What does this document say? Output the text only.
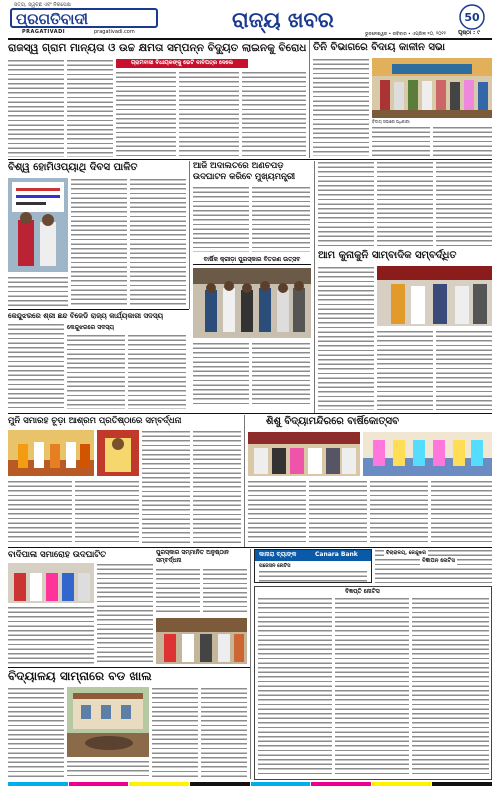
ସତ୍ୟ, ସ୍ୱଚ୍ଛ ଏବଂ ନିରପେକ୍ଷ
ପ୍ରଗତିବାଦୀ
PRAGATIVADI	pragativadi.com	ରାଜ୍ୟ ଖବର	50
ଭୁବନେଶ୍ୱର • ରବିବାର • ଏପ୍ରିଲ ୧୦, ୨୦୨୨ ପୃଷ୍ଠା : ୯
ରାଜସ୍ୱ ଗ୍ରାମ ମାନ୍ୟତା ଓ ଉଚ୍ଚ କ୍ଷମତା ସମ୍ପନ୍ନ ବିଦ୍ୟୁତ ଲାଇନକୁ ବିରୋଧ
ଗ୍ରାମବାସୀ ବିଧାୟକଙ୍କୁ ଭେଟି ଦାବିପତ୍ର ଦେଲେ
ତିନି ବିଭାଗରେ ବିଦାୟ କାଳୀନ ସଭା
ବିଦାୟ ସଭାରେ ଅଧିକାରୀ
ବିଶ୍ୱ ହୋମିଓପ୍ୟାଥି ଦିବସ ପାଳିତ	ଆଜି ଅଦାଲତରେ ଅଣଚପଡ଼ ଉଦଘାଟନ କରିବେ ମୁଖ୍ୟମନ୍ତ୍ରୀ
ବାର୍ଷିକ କ୍ରୀଡ଼ା ପୁରସ୍କାର ବିତରଣ ଉତ୍ସବ	ଆମ କୁନାକୁନି ସାମ୍ବାଦିକ ସମ୍ବର୍ଦ୍ଧିତ
କେନ୍ଦୁଝରରେ ଶ୍ରୀ ଛନ୍ଦ ବିଜେଡି ରାଜ୍ୟ କାର୍ଯ୍ୟକାରୀ ସଦସ୍ୟ
କେନ୍ଦୁଝରରେ ସଦସ୍ୟ
ମୁନି ସମାରହ ଚୂଡ଼ା ଆଶ୍ରମ ପ୍ରତିଷ୍ଠାରେ ସମ୍ବର୍ଦ୍ଧନା	ଶିଶୁ ବିଦ୍ୟାମନ୍ଦିରରେ ବାର୍ଷିକୋତ୍ସବ
ବାଦିପାଳା ସମାରୋହ ଉଦଘାଟିତ	ପୁରସ୍କାର ସମ୍ମାନିତ ଅନୁଷ୍ଠାନ ସମ୍ବର୍ଦ୍ଧନା
କାନାରା ବ୍ୟାଙ୍କ	Canara Bank
ପଜେସନ ନୋଟିସ
ବିଚାରାଳୟ, କେନ୍ଦୁଝର
ବିଜ୍ଞାପନ ନୋଟିସ
ବିଜ୍ଞପ୍ତି ନୋଟିସ
ବିଦ୍ୟାଳୟ ସାମ୍ନାରେ ବଡ ଖାଲ
